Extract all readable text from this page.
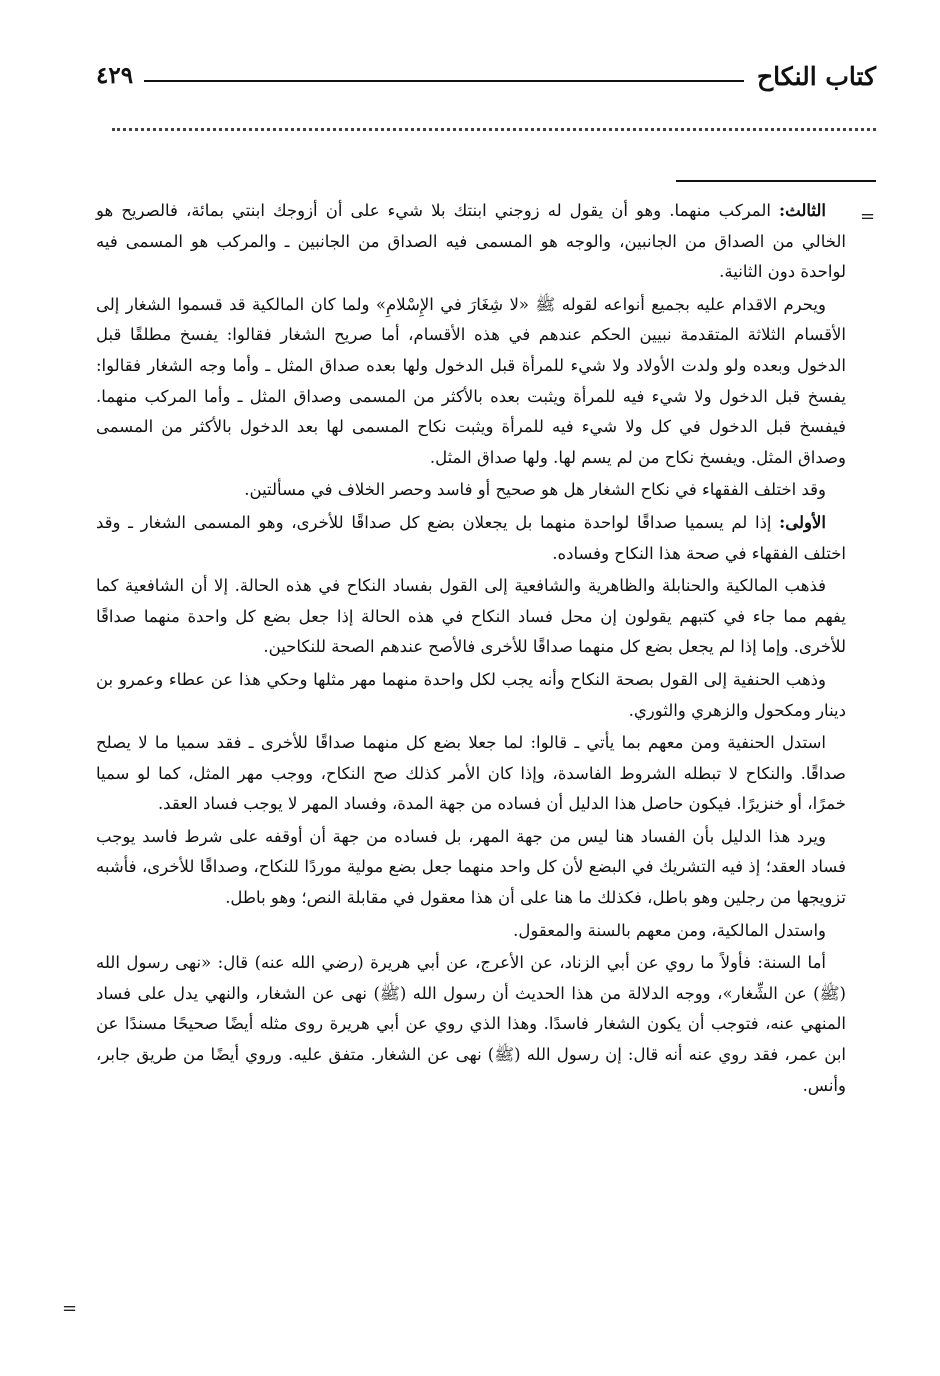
كتاب النكاح
٤٢٩
=
=

الثالث: المركب منهما. وهو أن يقول له زوجني ابنتك بلا شيء على أن أزوجك ابنتي بمائة، فالصريح هو الخالي من الصداق من الجانبين، والوجه هو المسمى فيه الصداق من الجانبين ـ والمركب هو المسمى فيه لواحدة دون الثانية.

ويحرم الاقدام عليه بجميع أنواعه لقوله ﷺ «لا شِغَارَ في الإِسْلامِ» ولما كان المالكية قد قسموا الشغار إلى الأقسام الثلاثة المتقدمة نبيين الحكم عندهم في هذه الأقسام، أما صريح الشغار فقالوا: يفسخ مطلقًا قبل الدخول وبعده ولو ولدت الأولاد ولا شيء للمرأة قبل الدخول ولها بعده صداق المثل ـ وأما وجه الشغار فقالوا: يفسخ قبل الدخول ولا شيء فيه للمرأة ويثبت بعده بالأكثر من المسمى وصداق المثل ـ وأما المركب منهما. فيفسخ قبل الدخول في كل ولا شيء فيه للمرأة ويثبت نكاح المسمى لها بعد الدخول بالأكثر من المسمى وصداق المثل. ويفسخ نكاح من لم يسم لها. ولها صداق المثل.

وقد اختلف الفقهاء في نكاح الشغار هل هو صحيح أو فاسد وحصر الخلاف في مسألتين.

الأولى: إذا لم يسميا صداقًا لواحدة منهما بل يجعلان بضع كل صداقًا للأخرى، وهو المسمى الشغار ـ وقد اختلف الفقهاء في صحة هذا النكاح وفساده.

فذهب المالكية والحنابلة والظاهرية والشافعية إلى القول بفساد النكاح في هذه الحالة. إلا أن الشافعية كما يفهم مما جاء في كتبهم يقولون إن محل فساد النكاح في هذه الحالة إذا جعل بضع كل واحدة منهما صداقًا للأخرى. وإما إذا لم يجعل بضع كل منهما صداقًا للأخرى فالأصح عندهم الصحة للنكاحين.

وذهب الحنفية إلى القول بصحة النكاح وأنه يجب لكل واحدة منهما مهر مثلها وحكي هذا عن عطاء وعمرو بن دينار ومكحول والزهري والثوري.

استدل الحنفية ومن معهم بما يأتي ـ قالوا: لما جعلا بضع كل منهما صداقًا للأخرى ـ فقد سميا ما لا يصلح صداقًا. والنكاح لا تبطله الشروط الفاسدة، وإذا كان الأمر كذلك صح النكاح، ووجب مهر المثل، كما لو سميا خمرًا، أو خنزيرًا. فيكون حاصل هذا الدليل أن فساده من جهة المدة، وفساد المهر لا يوجب فساد العقد.

ويرد هذا الدليل بأن الفساد هنا ليس من جهة المهر، بل فساده من جهة أن أوقفه على شرط فاسد يوجب فساد العقد؛ إذ فيه التشريك في البضع لأن كل واحد منهما جعل بضع مولية موردًا للنكاح، وصداقًا للأخرى، فأشبه تزويجها من رجلين وهو باطل، فكذلك ما هنا على أن هذا معقول في مقابلة النص؛ وهو باطل.

واستدل المالكية، ومن معهم بالسنة والمعقول.

أما السنة: فأولاً ما روي عن أبي الزناد، عن الأعرج، عن أبي هريرة (رضي الله عنه) قال: «نهى رسول الله (ﷺ) عن الشِّغار»، ووجه الدلالة من هذا الحديث أن رسول الله (ﷺ) نهى عن الشغار، والنهي يدل على فساد المنهي عنه، فتوجب أن يكون الشغار فاسدًا. وهذا الذي روي عن أبي هريرة روى مثله أيضًا صحيحًا مسندًا عن ابن عمر، فقد روي عنه أنه قال: إن رسول الله (ﷺ) نهى عن الشغار. متفق عليه. وروي أيضًا من طريق جابر، وأنس.
